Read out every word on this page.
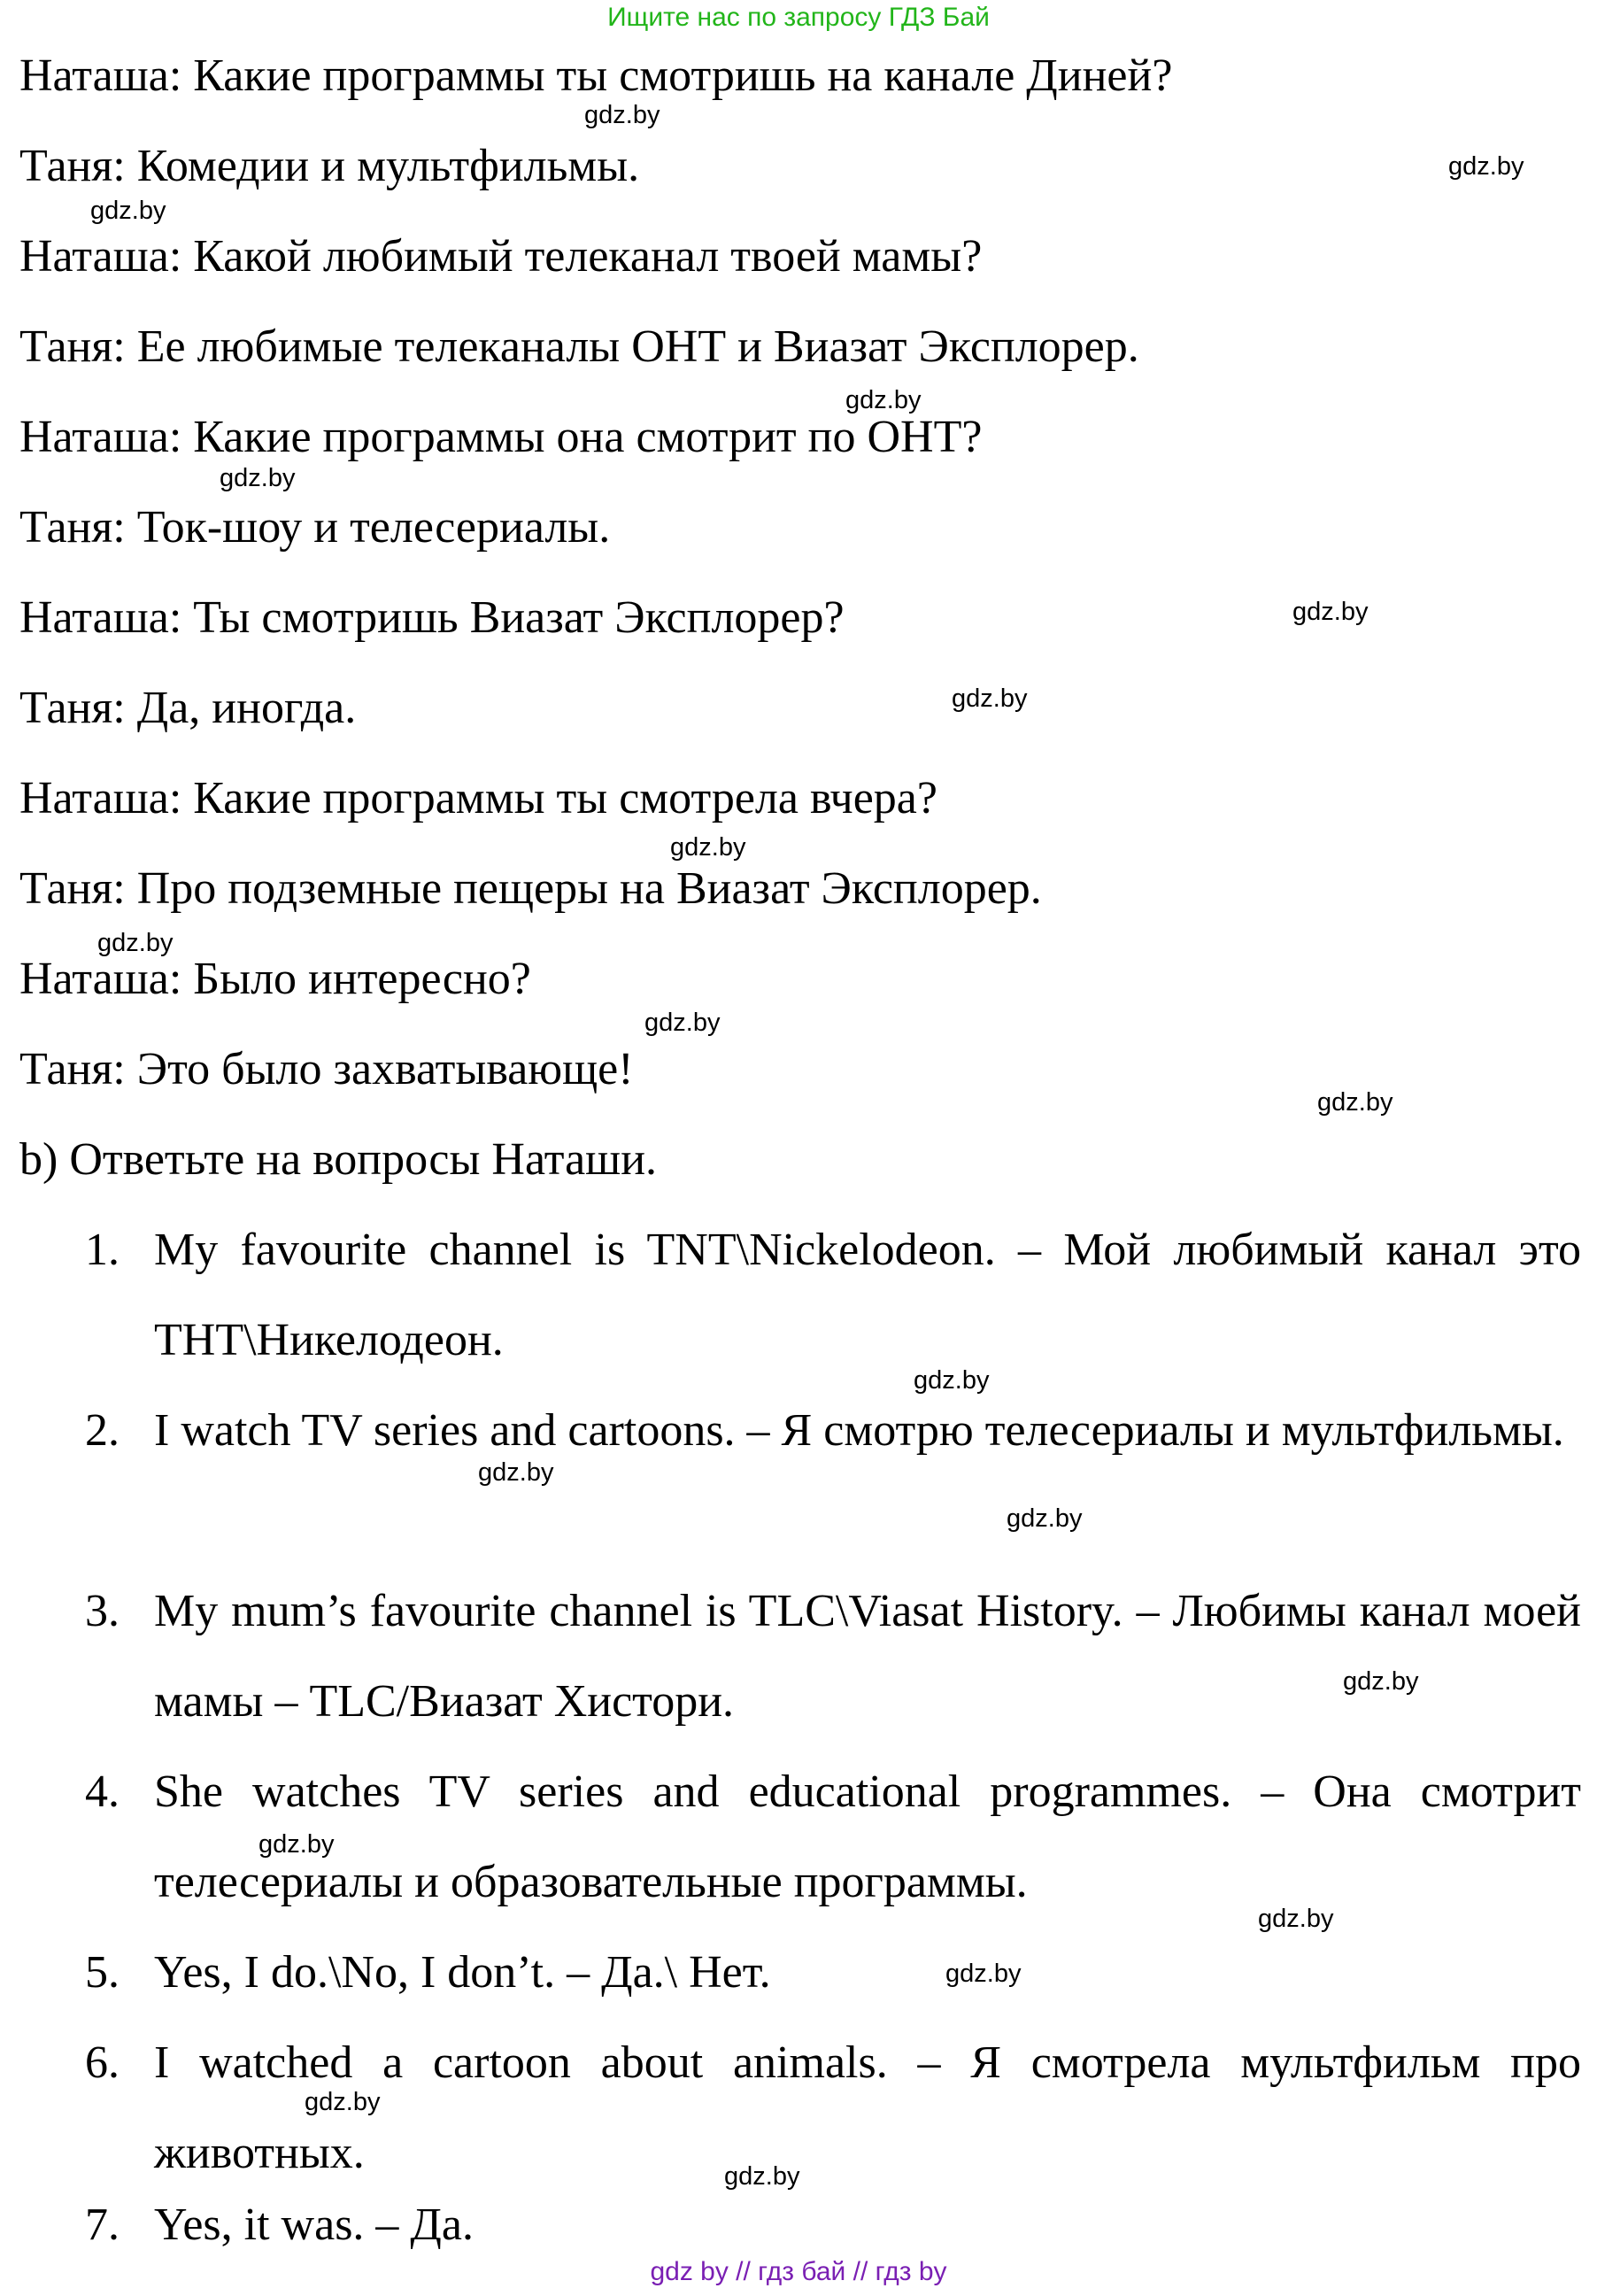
Ищите нас по запросу ГДЗ Бай
Наташа: Какие программы ты смотришь на канале Диней?
Таня: Комедии и мультфильмы.
Наташа: Какой любимый телеканал твоей мамы?
Таня: Ее любимые телеканалы ОНТ и Виазат Эксплорер.
Наташа: Какие программы она смотрит по ОНТ?
Таня: Ток-шоу и телесериалы.
Наташа: Ты смотришь Виазат Эксплорер?
Таня: Да, иногда.
Наташа: Какие программы ты смотрела вчера?
Таня: Про подземные пещеры на Виазат Эксплорер.
Наташа: Было интересно?
Таня: Это было захватывающе!
b) Ответьте на вопросы Наташи.
1. My favourite channel is TNT\Nickelodeon. – Мой любимый канал это ТНТ\Никелодеон.
2. I watch TV series and cartoons. – Я смотрю телесериалы и мультфильмы.
3. My mum’s favourite channel is TLC\Viasat History. – Любимы канал моей мамы – TLC/Виазат Хистори.
4. She watches TV series and educational programmes. – Она смотрит телесериалы и образовательные программы.
5. Yes, I do.\No, I don’t. – Да.\ Нет.
6. I watched a cartoon about animals. – Я смотрела мультфильм про животных.
7. Yes, it was. – Да.
gdz.by
gdz.by
gdz.by
gdz.by
gdz.by
gdz.by
gdz.by
gdz.by
gdz.by
gdz.by
gdz.by
gdz.by
gdz.by
gdz.by
gdz.by
gdz.by
gdz.by
gdz.by
gdz.by
gdz.by
gdz by // гдз бай // гдз by
